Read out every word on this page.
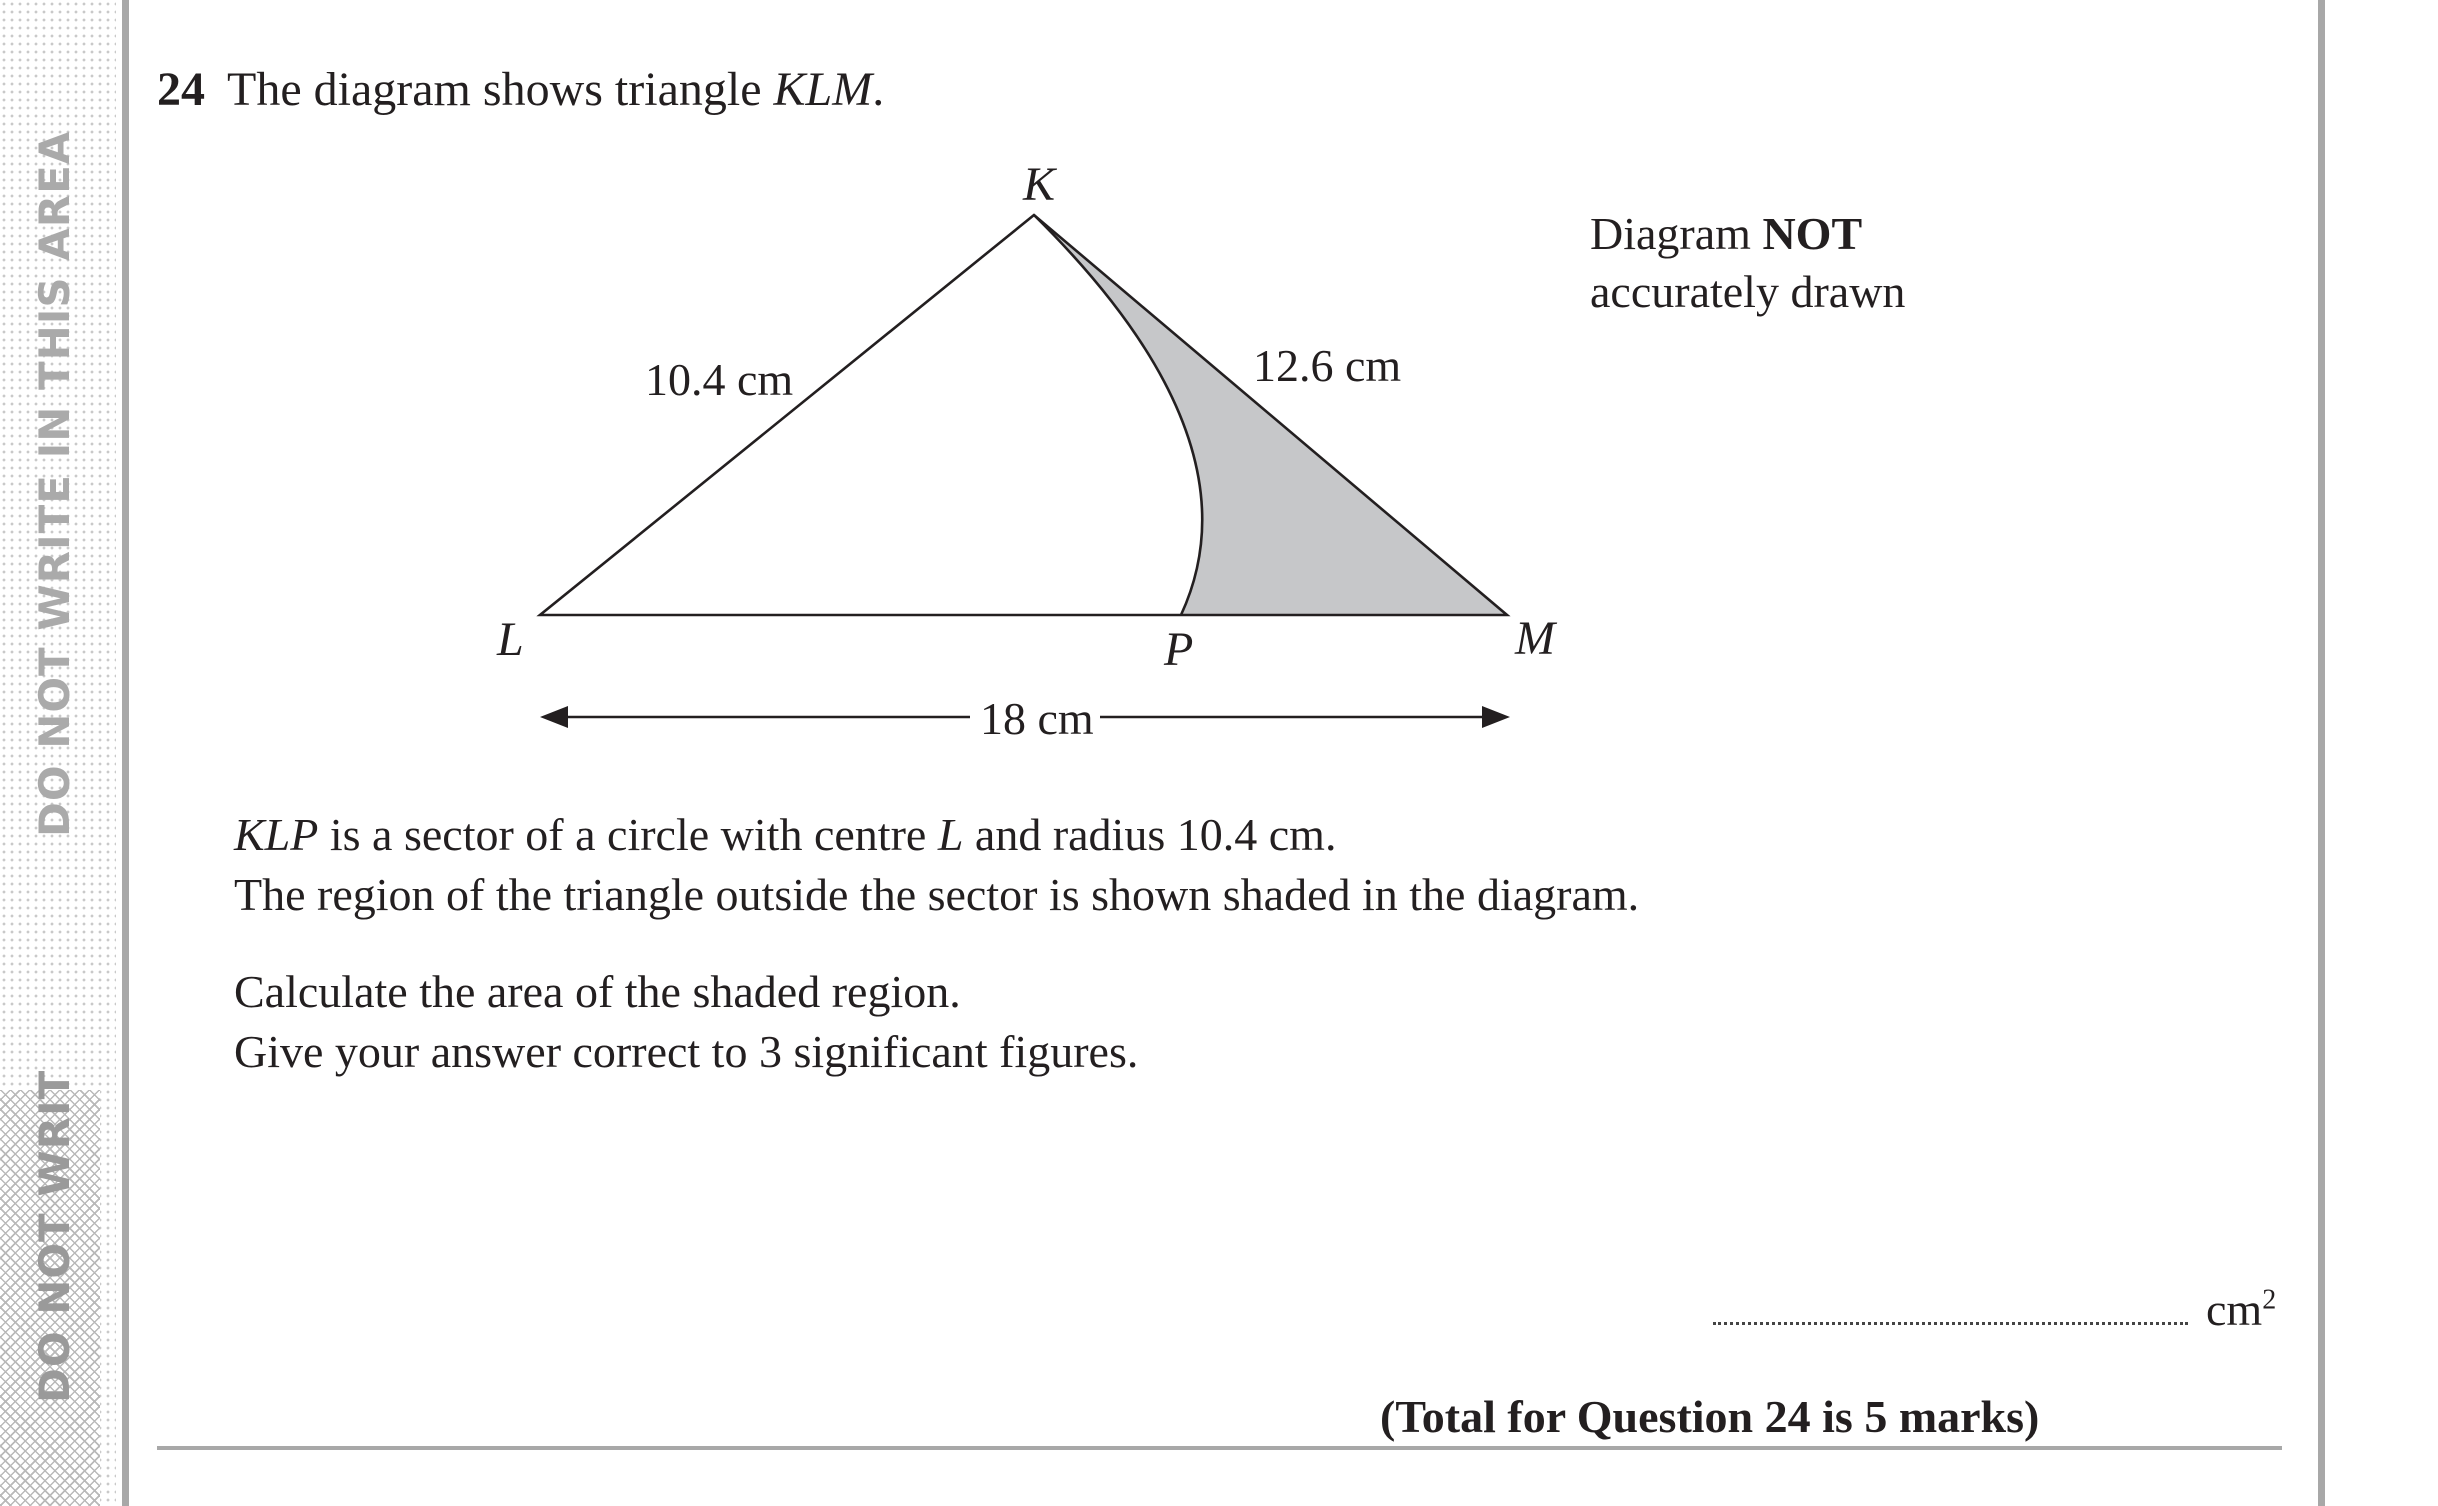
DO NOT WRITE IN THIS AREA
DO NOT WRIT
24 The diagram shows triangle KLM.
K
L	M
P
10.4 cm	12.6 cm
18 cm
Diagram NOT
accurately drawn
KLP is a sector of a circle with centre L and radius 10.4 cm.
The region of the triangle outside the sector is shown shaded in the diagram.
Calculate the area of the shaded region.
Give your answer correct to 3 significant figures.
$cm^2$
(Total for Question 24 is 5 marks)
